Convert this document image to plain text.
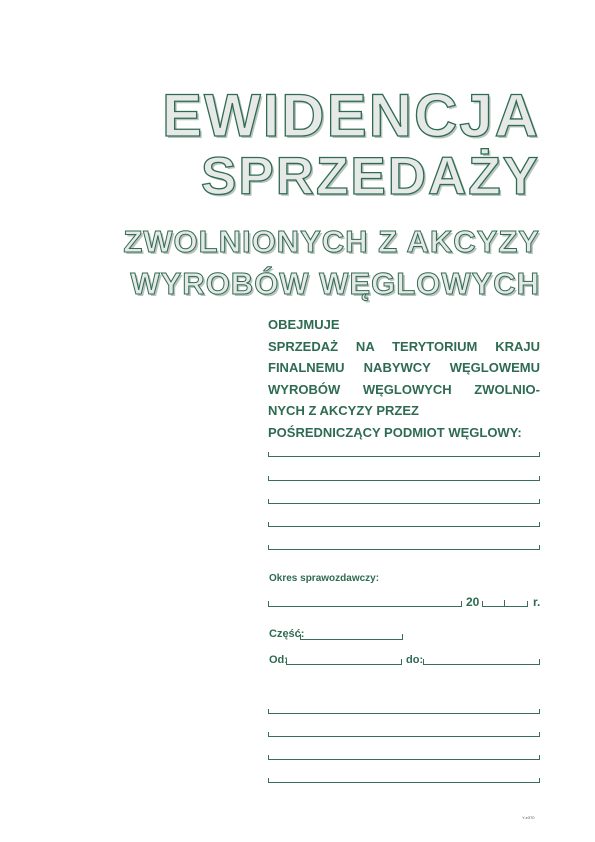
EWIDENCJA
SPRZEDAŻY
ZWOLNIONYCH Z AKCYZY
WYROBÓW WĘGLOWYCH
OBEJMUJE
SPRZEDAŻ NA TERYTORIUM KRAJU
FINALNEMU NABYWCY WĘGLOWEMU
WYROBÓW WĘGLOWYCH ZWOLNIO-
NYCH Z AKCYZY PRZEZ
POŚREDNICZĄCY PODMIOT WĘGLOWY:
Okres sprawozdawczy:
20	r.
Część:
Od:	do:
Y-e370
